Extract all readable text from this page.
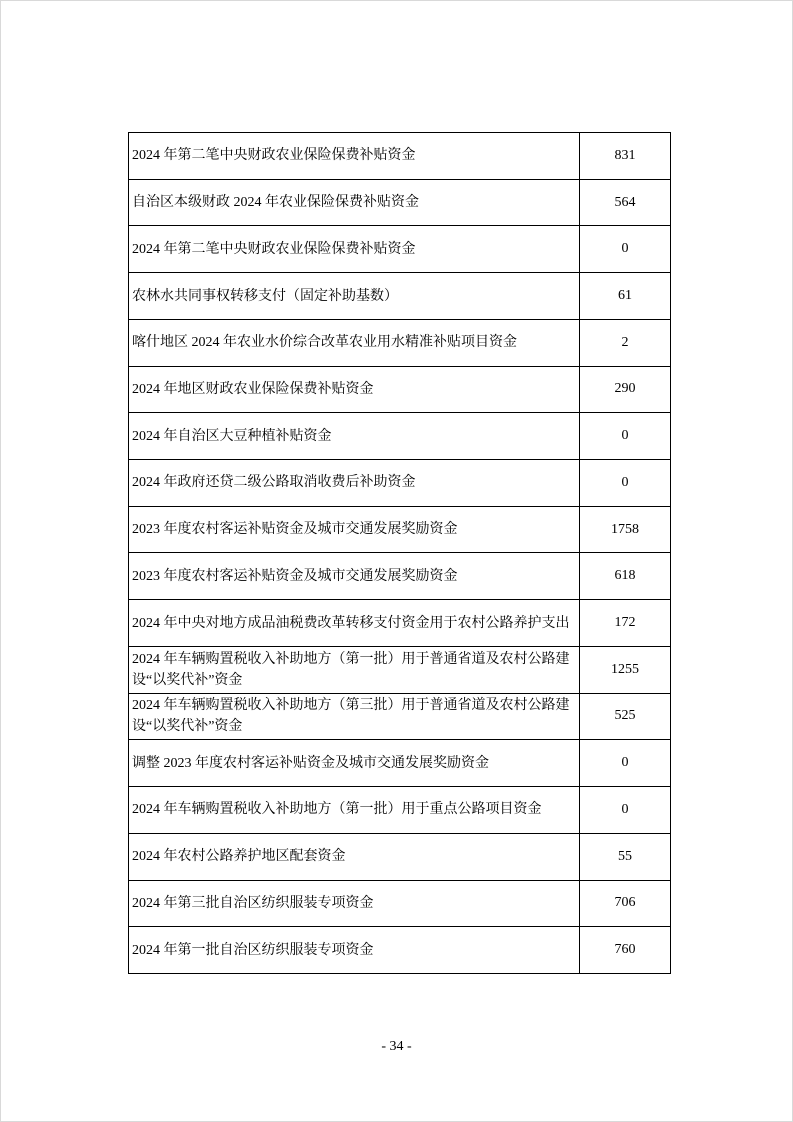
2024 年第二笔中央财政农业保险保费补贴资金	831
自治区本级财政 2024 年农业保险保费补贴资金	564
2024 年第二笔中央财政农业保险保费补贴资金	0
农林水共同事权转移支付（固定补助基数）	61
喀什地区 2024 年农业水价综合改革农业用水精准补贴项目资金	2
2024 年地区财政农业保险保费补贴资金	290
2024 年自治区大豆种植补贴资金	0
2024 年政府还贷二级公路取消收费后补助资金	0
2023 年度农村客运补贴资金及城市交通发展奖励资金	1758
2023 年度农村客运补贴资金及城市交通发展奖励资金	618
2024 年中央对地方成品油税费改革转移支付资金用于农村公路养护支出	172
2024 年车辆购置税收入补助地方（第一批）用于普通省道及农村公路建设“以奖代补”资金
1255
2024 年车辆购置税收入补助地方（第三批）用于普通省道及农村公路建设“以奖代补”资金
525
调整 2023 年度农村客运补贴资金及城市交通发展奖励资金	0
2024 年车辆购置税收入补助地方（第一批）用于重点公路项目资金	0
2024 年农村公路养护地区配套资金	55
2024 年第三批自治区纺织服装专项资金	706
2024 年第一批自治区纺织服装专项资金	760
- 34 -
